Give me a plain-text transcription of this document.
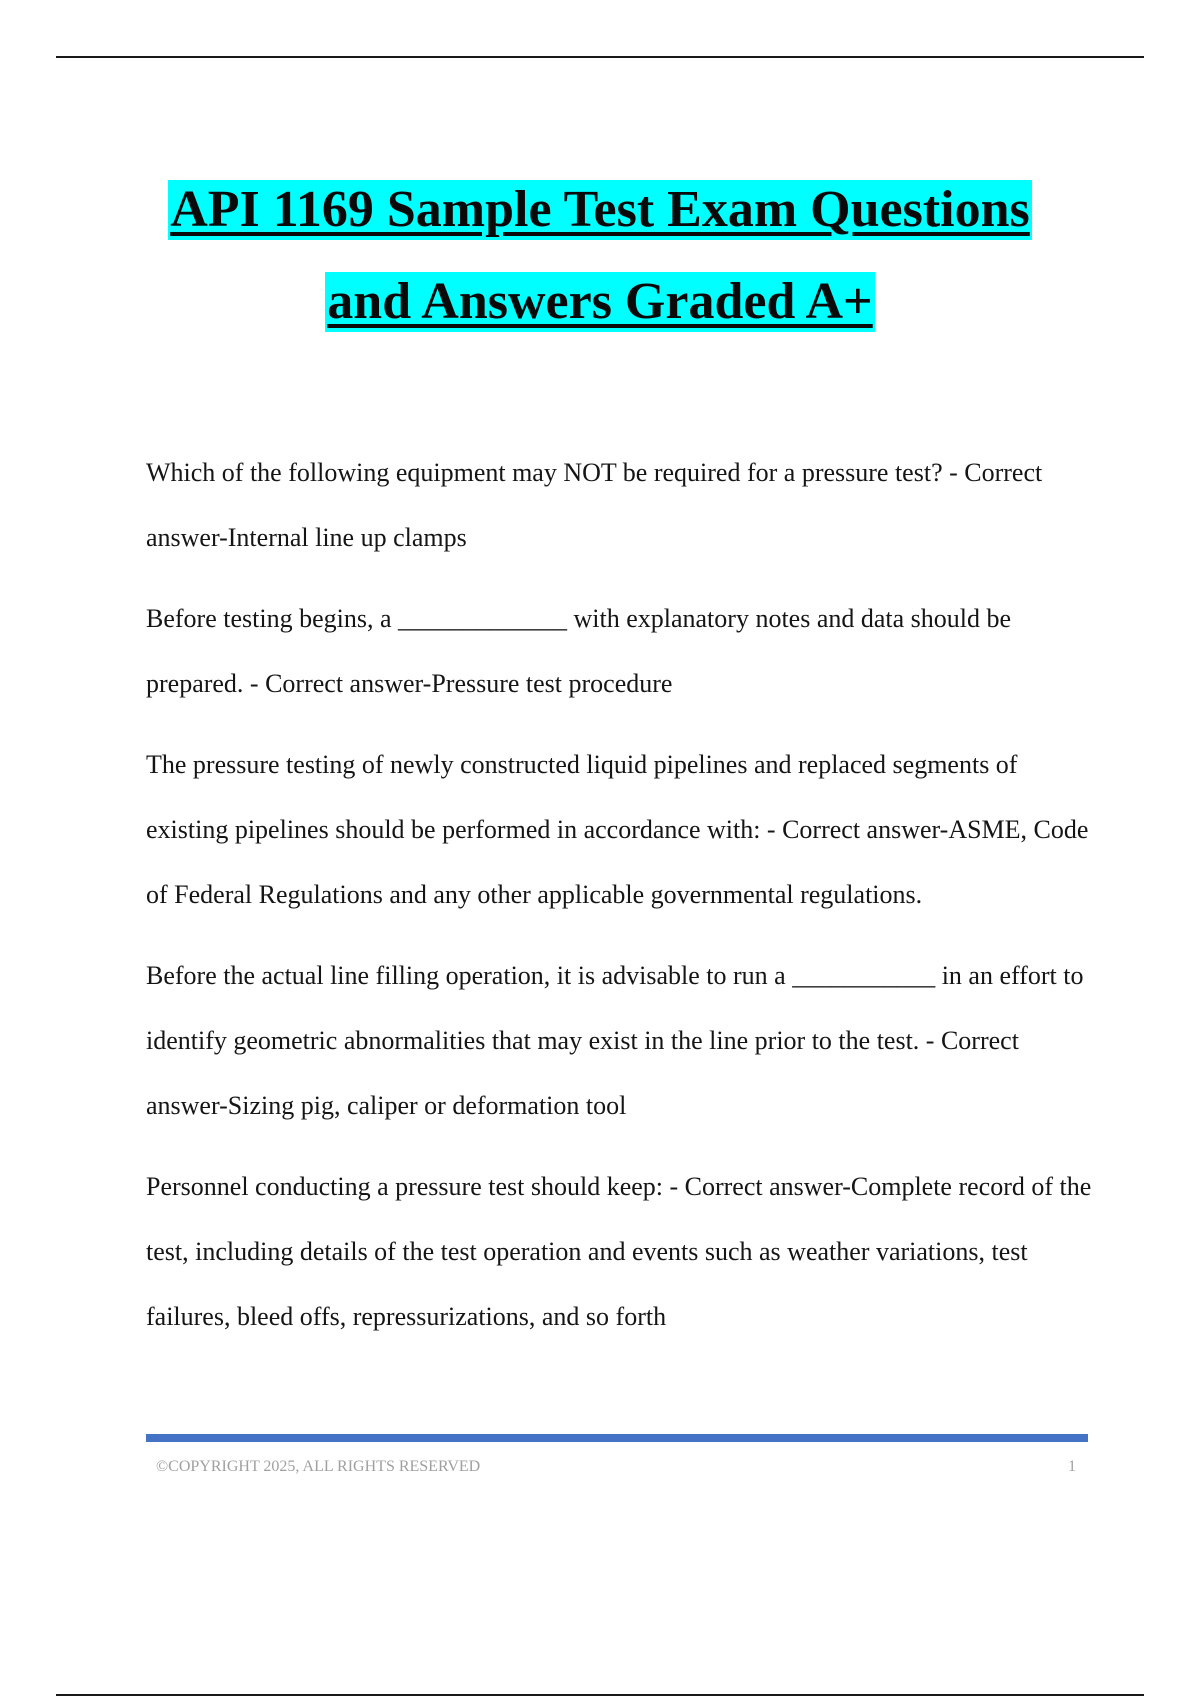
API 1169 Sample Test Exam Questions
and Answers Graded A+

Which of the following equipment may NOT be required for a pressure test? - Correct answer-Internal line up clamps

Before testing begins, a _____________ with explanatory notes and data should be prepared. - Correct answer-Pressure test procedure

The pressure testing of newly constructed liquid pipelines and replaced segments of existing pipelines should be performed in accordance with: - Correct answer-ASME, Code of Federal Regulations and any other applicable governmental regulations.

Before the actual line filling operation, it is advisable to run a ___________ in an effort to identify geometric abnormalities that may exist in the line prior to the test. - Correct answer-Sizing pig, caliper or deformation tool

Personnel conducting a pressure test should keep: - Correct answer-Complete record of the test, including details of the test operation and events such as weather variations, test failures, bleed offs, repressurizations, and so forth

©COPYRIGHT 2025, ALL RIGHTS RESERVED	1
